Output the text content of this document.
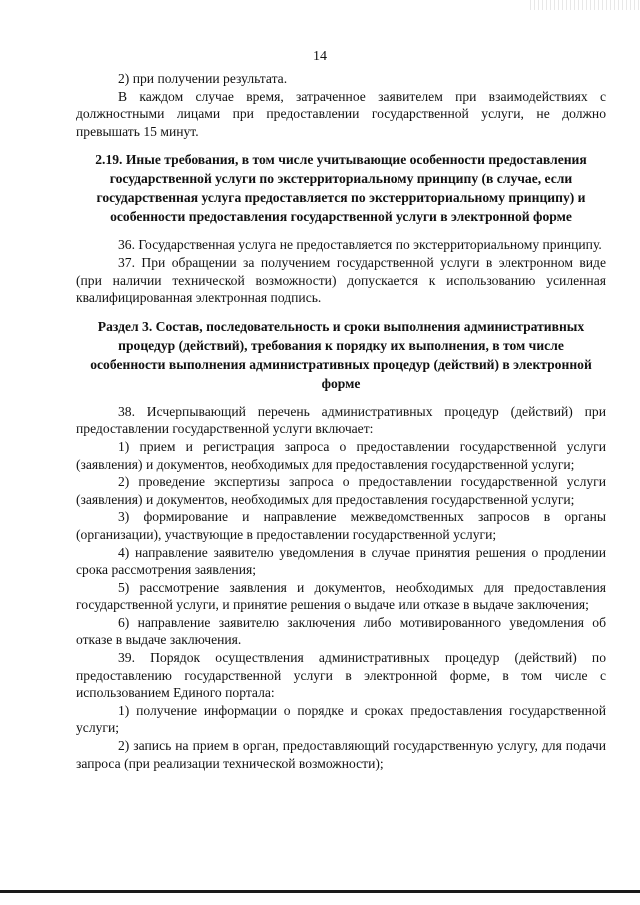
14

2) при получении результата.

В каждом случае время, затраченное заявителем при взаимодействиях с должностными лицами при предоставлении государственной услуги, не должно превышать 15 минут.

2.19. Иные требования, в том числе учитывающие особенности предоставления государственной услуги по экстерриториальному принципу (в случае, если государственная услуга предоставляется по экстерриториальному принципу) и особенности предоставления государственной услуги в электронной форме

36. Государственная услуга не предоставляется по экстерриториальному принципу.

37. При обращении за получением государственной услуги в электронном виде (при наличии технической возможности) допускается к использованию усиленная квалифицированная электронная подпись.

Раздел 3. Состав, последовательность и сроки выполнения административных процедур (действий), требования к порядку их выполнения, в том числе особенности выполнения административных процедур (действий) в электронной форме

38. Исчерпывающий перечень административных процедур (действий) при предоставлении государственной услуги включает:

1) прием и регистрация запроса о предоставлении государственной услуги (заявления) и документов, необходимых для предоставления государственной услуги;

2) проведение экспертизы запроса о предоставлении государственной услуги (заявления) и документов, необходимых для предоставления государственной услуги;

3) формирование и направление межведомственных запросов в органы (организации), участвующие в предоставлении государственной услуги;

4) направление заявителю уведомления в случае принятия решения о продлении срока рассмотрения заявления;

5) рассмотрение заявления и документов, необходимых для предоставления государственной услуги, и принятие решения о выдаче или отказе в выдаче заключения;

6) направление заявителю заключения либо мотивированного уведомления об отказе в выдаче заключения.

39. Порядок осуществления административных процедур (действий) по предоставлению государственной услуги в электронной форме, в том числе с использованием Единого портала:

1) получение информации о порядке и сроках предоставления государственной услуги;

2) запись на прием в орган, предоставляющий государственную услугу, для подачи запроса (при реализации технической возможности);
